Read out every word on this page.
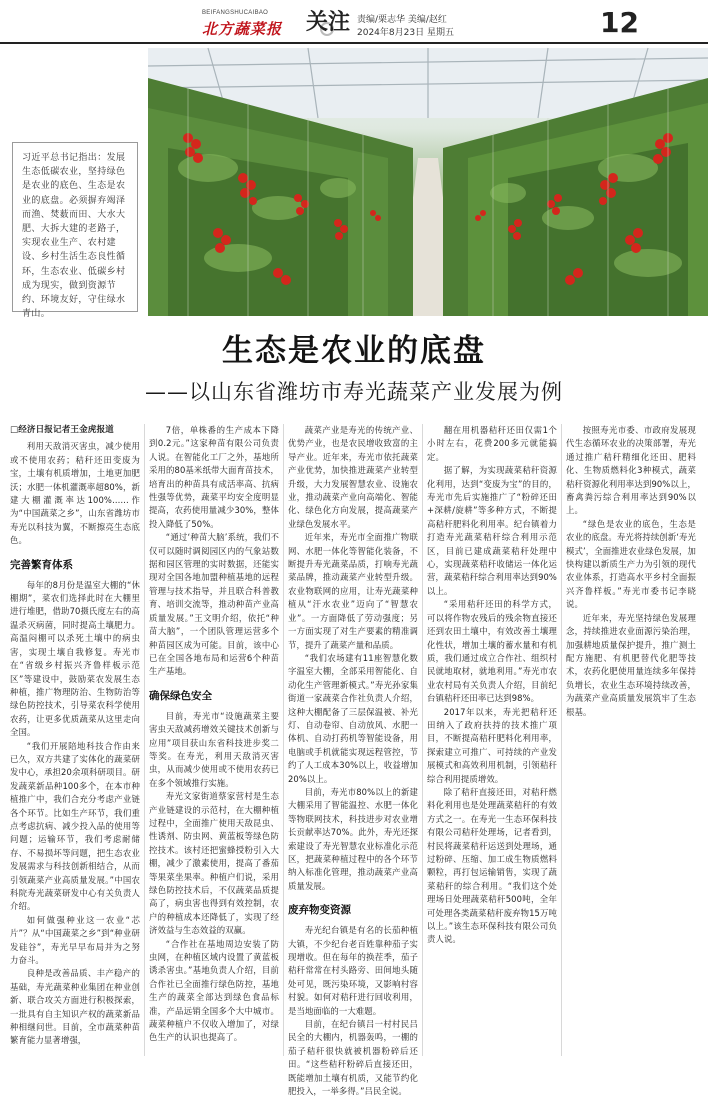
BEIFANGSHUCAIBAO
北方蔬菜报 关注 责编/栗志华 美编/赵红
2024年8月23日 星期五	12

习近平总书记指出：发展生态低碳农业，坚持绿色是农业的底色、生态是农业的底盘。必须摒弃竭泽而渔、焚薮而田、大水大肥、大拆大建的老路子，实现农业生产、农村建设、乡村生活生态良性循环，生态农业、低碳乡村成为现实，做到资源节约、环境友好，守住绿水青山。

生态是农业的底盘
——以山东省潍坊市寿光蔬菜产业发展为例

□经济日报记者王金虎报道

利用天敌消灭害虫，减少使用或不使用农药；秸秆还田变废为宝，土壤有机质增加，土地更加肥沃；水肥一体机灌溉率超80%，新建大棚灌溉率达100%……作为“中国蔬菜之乡”，山东省潍坊市寿光以科技为翼，不断擦亮生态底色。

完善繁育体系

每年的8月份是温室大棚的“休棚期”，菜农们选择此时在大棚里进行堆肥，借助70摄氏度左右的高温杀灭病菌，同时提高土壤肥力。高温闷棚可以杀死土壤中的病虫害，实现土壤自我修复。寿光市在“省级乡村振兴齐鲁样板示范区”等建设中，鼓励菜农发展生态种植，推广物理防治、生物防治等绿色防控技术，引导菜农科学使用农药，让更多优质蔬菜从这里走向全国。

“我们开展陪地科技合作由来已久，双方共建了实体化的蔬菜研发中心，承担20余项科研项目。研发蔬菜新品种100多个，在本市种植推广中，我们合充分考虑产业链各个环节。比如生产环节，我们重点考虑抗病、减少投入品的使用等问题；运输环节，我们考虑耐储存、不易损坏等问题，把生态农业发展需求与科技创新相结合，从而引领蔬菜产业高质量发展。”中国农科院寿光蔬菜研发中心有关负责人介绍。

如何做强种业这一农业“芯片”？从“中国蔬菜之乡”到“种业研发硅谷”，寿光早早布局并为之努力奋斗。

良种是改善品质、丰产稳产的基础，寿光蔬菜种业集团在种业创新、联合攻关方面进行积极探索，一批具有自主知识产权的蔬菜新品种相继问世。目前，全市蔬菜种苗繁育能力显著增强，

7倍，单株番的生产成本下降到0.2元。”这家种苗有限公司负责人说。在智能化工厂之外，基地所采用的80基米纸带大面育苗技术，培育出的种苗具有成活率高、抗病性强等优势，蔬菜平均安全度明显提高，农药使用量减少30%，整体投入降低了50%。

“通过‘种苗大脑’系统，我们不仅可以随时调阅园区内的气象站数据和园区管理的实时数据，还能实现对全国各地加盟种植基地的远程管理与技术指导，并且联合科普教育、培训交流等，推动种苗产业高质量发展。”王文明介绍，依托“种苗大脑”，一个团队管理运营多个种苗园区成为可能。目前，该中心已在全国各地布局和运营6个种苗生产基地。

确保绿色安全

目前，寿光市“设施蔬菜主要害虫天敌减药增效关键技术创新与应用”项目获山东省科技进步奖二等奖。在寿光，利用天敌消灭害虫，从而减少使用或不使用农药已在多个领域推行实施。

寿光文家街道蔡家营村是生态产业链建设的示范村，在大棚种植过程中，全面推广使用天敌昆虫、性诱剂、防虫网、黄蓝板等绿色防控技术。该村还把蜜蜂授粉引入大棚，减少了激素使用，提高了番茄等果菜坐果率。种植户们说，采用绿色防控技术后，不仅蔬菜品质提高了，病虫害也得到有效控制，农户的种植成本还降低了，实现了经济效益与生态效益的双赢。

“合作社在基地周边安装了防虫网，在种植区域内设置了黄蓝板诱杀害虫。”基地负责人介绍，目前合作社已全面推行绿色防控，基地生产的蔬菜全部达到绿色食品标准，产品远销全国多个大中城市。蔬菜种植户不仅收入增加了，对绿色生产的认识也提高了。

蔬菜产业是寿光的传统产业、优势产业，也是农民增收致富的主导产业。近年来，寿光市依托蔬菜产业优势，加快推进蔬菜产业转型升级，大力发展智慧农业、设施农业，推动蔬菜产业向高端化、智能化、绿色化方向发展，提高蔬菜产业绿色发展水平。

近年来，寿光市全面推广物联网、水肥一体化等智能化装备，不断提升寿光蔬菜品质，打响寿光蔬菜品牌，推动蔬菜产业转型升级。农业物联网的应用，让寿光蔬菜种植从“汗水农业”迈向了“智慧农业”。一方面降低了劳动强度；另一方面实现了对生产要素的精准调节，提升了蔬菜产量和品质。

“我们农场建有11座智慧化数字温室大棚，全部采用智能化、自动化生产管理新模式。”寿光孙家集街道一家蔬菜合作社负责人介绍，这种大棚配备了三层保温被、补光灯、自动卷帘、自动放风、水肥一体机、自动打药机等智能设备，用电脑或手机就能实现远程管控，节约了人工成本30%以上，收益增加20%以上。

目前，寿光市80%以上的新建大棚采用了智能温控、水肥一体化等物联网技术，科技进步对农业增长贡献率达70%。此外，寿光还探索建设了寿光智慧农业标准化示范区，把蔬菜种植过程中的各个环节纳入标准化管理，推动蔬菜产业高质量发展。

废弃物变资源

寿光纪台镇是有名的长茄种植大镇，不少纪台老百姓靠种茄子实现增收。但在每年的换茬季，茄子秸秆常常在村头路旁、田间地头随处可见，既污染环境，又影响村容村貌。如何对秸秆进行回收利用，是当地面临的一大难题。

目前，在纪台镇吕一村村民吕民全的大棚内，机器轰鸣，一棚的茄子秸秆很快就被机器粉碎后还田。“这些秸秆粉碎后直接还田，既能增加土壤有机质，又能节约化肥投入，一举多得。”吕民全说。

翻在用机器秸秆还田仅需1个小时左右，花费200多元就能搞定。

据了解，为实现蔬菜秸秆资源化利用，达到“变废为宝”的目的，寿光市先后实施推广了“粉碎还田+深耕/旋耕”等多种方式，不断提高秸秆肥料化利用率。纪台镇着力打造寿光蔬菜秸秆综合利用示范区，目前已建成蔬菜秸秆处理中心，实现蔬菜秸秆收储运一体化运营，蔬菜秸秆综合利用率达到90%以上。

“采用秸秆还田的科学方式，可以将作物农残后的残余物直接还还到农田土壤中，有效改善土壤理化性状，增加土壤的蓄水量和有机质，我们通过成立合作社、组织村民就地取材，就地利用。”寿光市农业农村局有关负责人介绍，目前纪台镇秸秆还田率已达到98%。

2017年以来，寿光把秸秆还田纳入了政府扶持的技术推广项目，不断提高秸秆肥料化利用率，探索建立可推广、可持续的产业发展模式和高效利用机制，引领秸秆综合利用提质增效。

除了秸秆直接还田，对秸秆燃料化利用也是处理蔬菜秸秆的有效方式之一。在寿光一生态环保科技有限公司秸秆处理场，记者看到，村民将蔬菜秸秆运送到处理场，通过粉碎、压缩、加工成生物质燃料颗粒，再打包运输销售，实现了蔬菜秸秆的综合利用。“我们这个处理场日处理蔬菜秸秆500吨，全年可处理各类蔬菜秸秆废弃物15万吨以上。”该生态环保科技有限公司负责人说。

按照寿光市委、市政府发展现代生态循环农业的决策部署，寿光通过推广秸秆精细化还田、肥料化、生物质燃料化3种模式，蔬菜秸秆资源化利用率达到90%以上，畜禽粪污综合利用率达到90%以上。

“绿色是农业的底色，生态是农业的底盘。寿光将持续创新‘寿光模式’，全面推进农业绿色发展，加快构建以新质生产力为引领的现代农业体系，打造高水平乡村全面振兴齐鲁样板。”寿光市委书记李晓说。

近年来，寿光坚持绿色发展理念，持续推进农业面源污染治理，加强耕地质量保护提升，推广测土配方施肥、有机肥替代化肥等技术，农药化肥使用量连续多年保持负增长，农业生态环境持续改善，为蔬菜产业高质量发展筑牢了生态根基。
